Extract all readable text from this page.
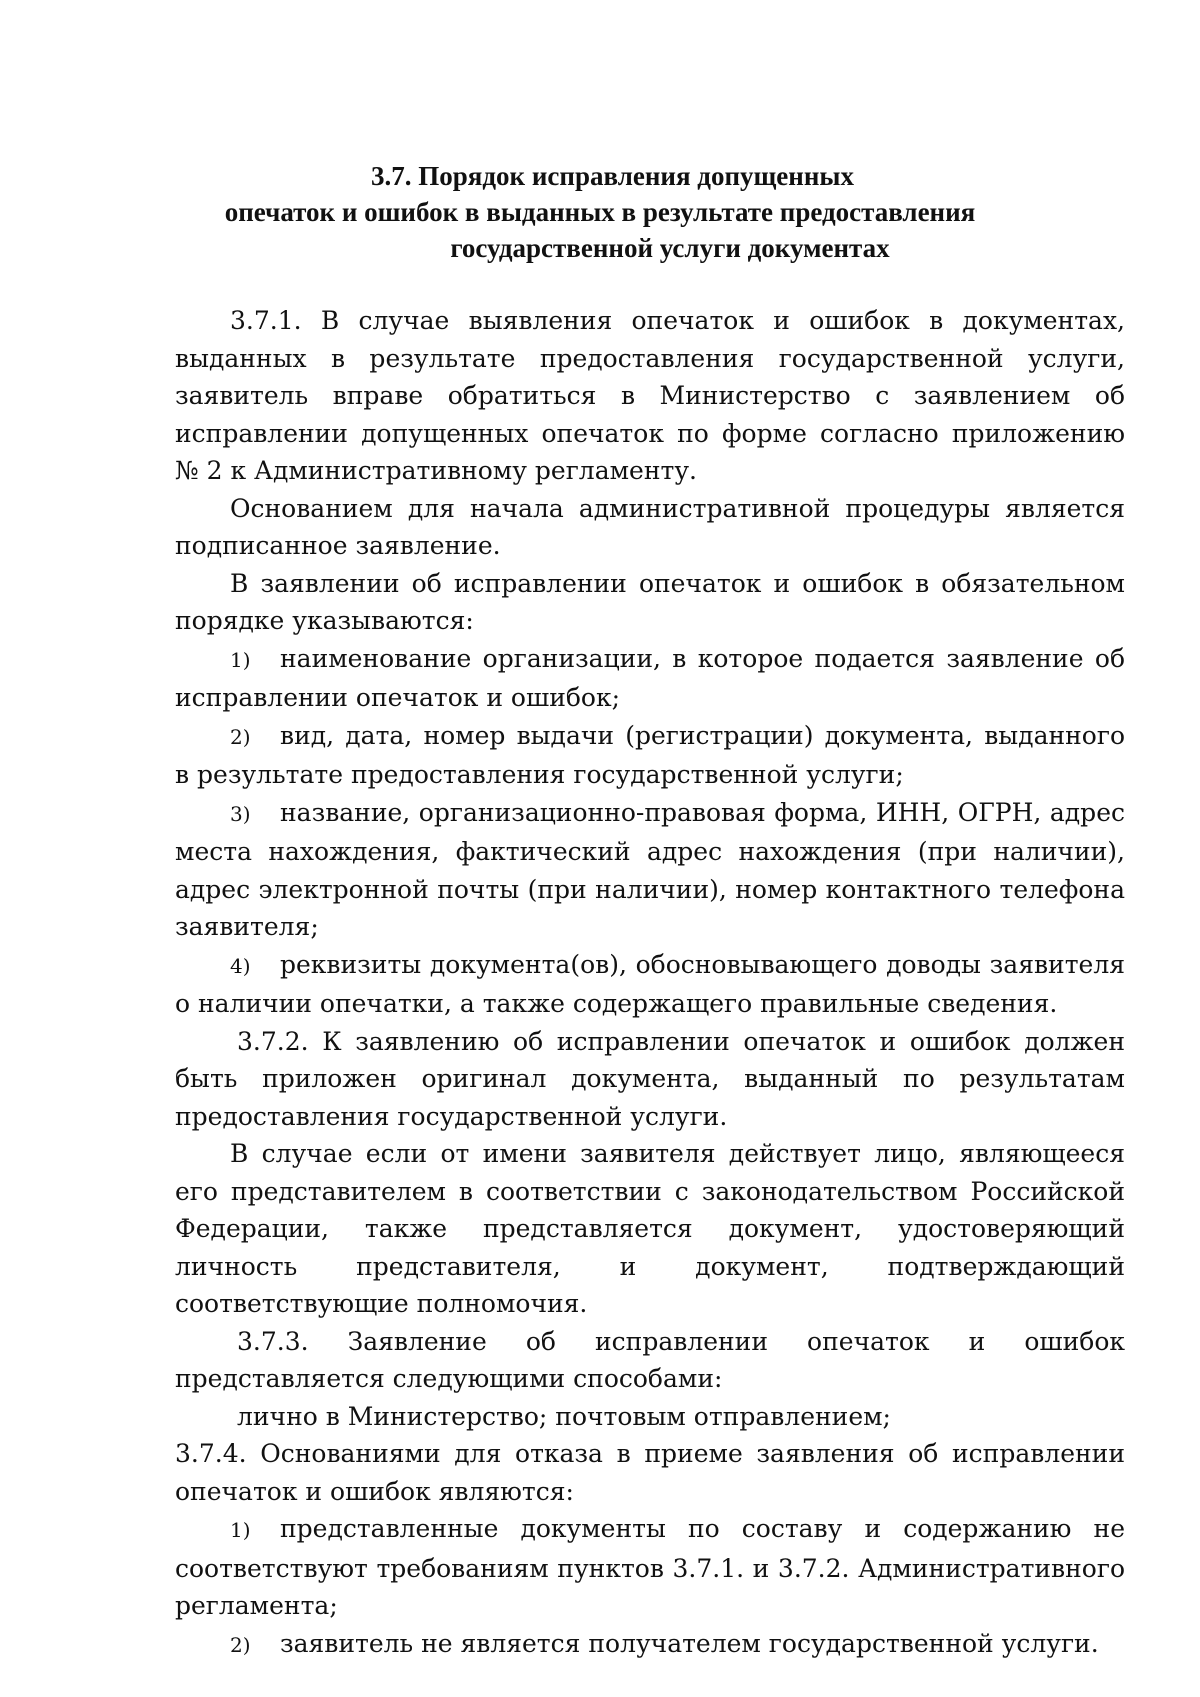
3.7. Порядок исправления допущенных
опечаток и ошибок в выданных в результате предоставления
государственной услуги документах

3.7.1. В случае выявления опечаток и ошибок в документах, выданных в результате предоставления государственной услуги, заявитель вправе обратиться в Министерство с заявлением об исправлении допущенных опечаток по форме согласно приложению № 2 к Административному регламенту.

Основанием для начала административной процедуры является подписанное заявление.

В заявлении об исправлении опечаток и ошибок в обязательном порядке указываются:

1) наименование организации, в которое подается заявление об исправлении опечаток и ошибок;

2) вид, дата, номер выдачи (регистрации) документа, выданного в результате предоставления государственной услуги;

3) название, организационно-правовая форма, ИНН, ОГРН, адрес места нахождения, фактический адрес нахождения (при наличии), адрес электронной почты (при наличии), номер контактного телефона заявителя;

4) реквизиты документа(ов), обосновывающего доводы заявителя о наличии опечатки, а также содержащего правильные сведения.

3.7.2. К заявлению об исправлении опечаток и ошибок должен быть приложен оригинал документа, выданный по результатам предоставления государственной услуги.

В случае если от имени заявителя действует лицо, являющееся его представителем в соответствии с законодательством Российской Федерации, также представляется документ, удостоверяющий личность представителя, и документ, подтверждающий соответствующие полномочия.

3.7.3. Заявление об исправлении опечаток и ошибок представляется следующими способами:

лично в Министерство; почтовым отправлением;

3.7.4. Основаниями для отказа в приеме заявления об исправлении опечаток и ошибок являются:

1) представленные документы по составу и содержанию не соответствуют требованиям пунктов 3.7.1. и 3.7.2. Административного регламента;

2) заявитель не является получателем государственной услуги.
